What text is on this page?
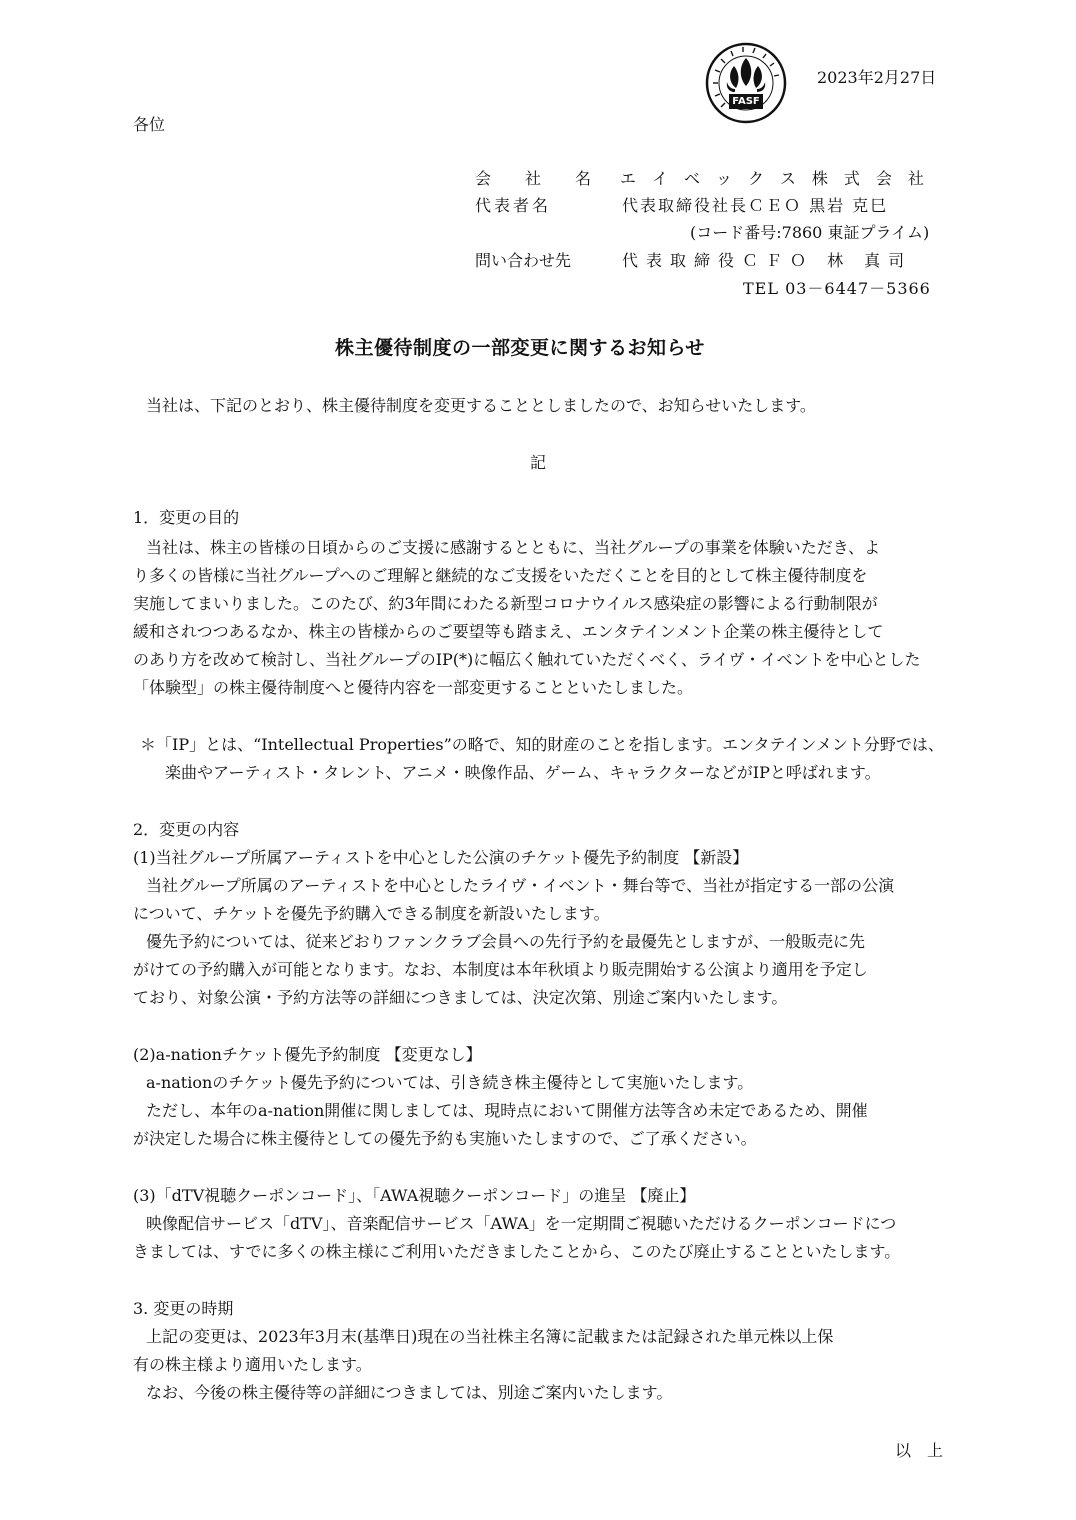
FASF
2023年2月27日
各位
会　社　名 エイベックス株式会社
代表者名	代表取締役社長ＣＥＯ 黒岩 克巳
(コード番号:7860 東証プライム)
問い合わせ先	代表取締役ＣＦＯ 林 真司
TEL 03－6447－5366
株主優待制度の一部変更に関するお知らせ
当社は、下記のとおり、株主優待制度を変更することとしましたので、お知らせいたします。
記
1．変更の目的
当社は、株主の皆様の日頃からのご支援に感謝するとともに、当社グループの事業を体験いただき、よ
り多くの皆様に当社グループへのご理解と継続的なご支援をいただくことを目的として株主優待制度を
実施してまいりました。このたび、約3年間にわたる新型コロナウイルス感染症の影響による行動制限が
緩和されつつあるなか、株主の皆様からのご要望等も踏まえ、エンタテインメント企業の株主優待として
のあり方を改めて検討し、当社グループのIP(*)に幅広く触れていただくべく、ライヴ・イベントを中心とした
「体験型」の株主優待制度へと優待内容を一部変更することといたしました。
＊「IP」とは、“Intellectual Properties”の略で、知的財産のことを指します。エンタテインメント分野では、
楽曲やアーティスト・タレント、アニメ・映像作品、ゲーム、キャラクターなどがIPと呼ばれます。
2．変更の内容
(1)当社グループ所属アーティストを中心とした公演のチケット優先予約制度 【新設】
当社グループ所属のアーティストを中心としたライヴ・イベント・舞台等で、当社が指定する一部の公演
について、チケットを優先予約購入できる制度を新設いたします。
優先予約については、従来どおりファンクラブ会員への先行予約を最優先としますが、一般販売に先
がけての予約購入が可能となります。なお、本制度は本年秋頃より販売開始する公演より適用を予定し
ており、対象公演・予約方法等の詳細につきましては、決定次第、別途ご案内いたします。
(2)a-nationチケット優先予約制度 【変更なし】
a-nationのチケット優先予約については、引き続き株主優待として実施いたします。
ただし、本年のa-nation開催に関しましては、現時点において開催方法等含め未定であるため、開催
が決定した場合に株主優待としての優先予約も実施いたしますので、ご了承ください。
(3)「dTV視聴クーポンコード」、「AWA視聴クーポンコード」の進呈 【廃止】
映像配信サービス「dTV」、音楽配信サービス「AWA」を一定期間ご視聴いただけるクーポンコードにつ
きましては、すでに多くの株主様にご利用いただきましたことから、このたび廃止することといたします。
3. 変更の時期
上記の変更は、2023年3月末(基準日)現在の当社株主名簿に記載または記録された単元株以上保
有の株主様より適用いたします。
なお、今後の株主優待等の詳細につきましては、別途ご案内いたします。
以　上
